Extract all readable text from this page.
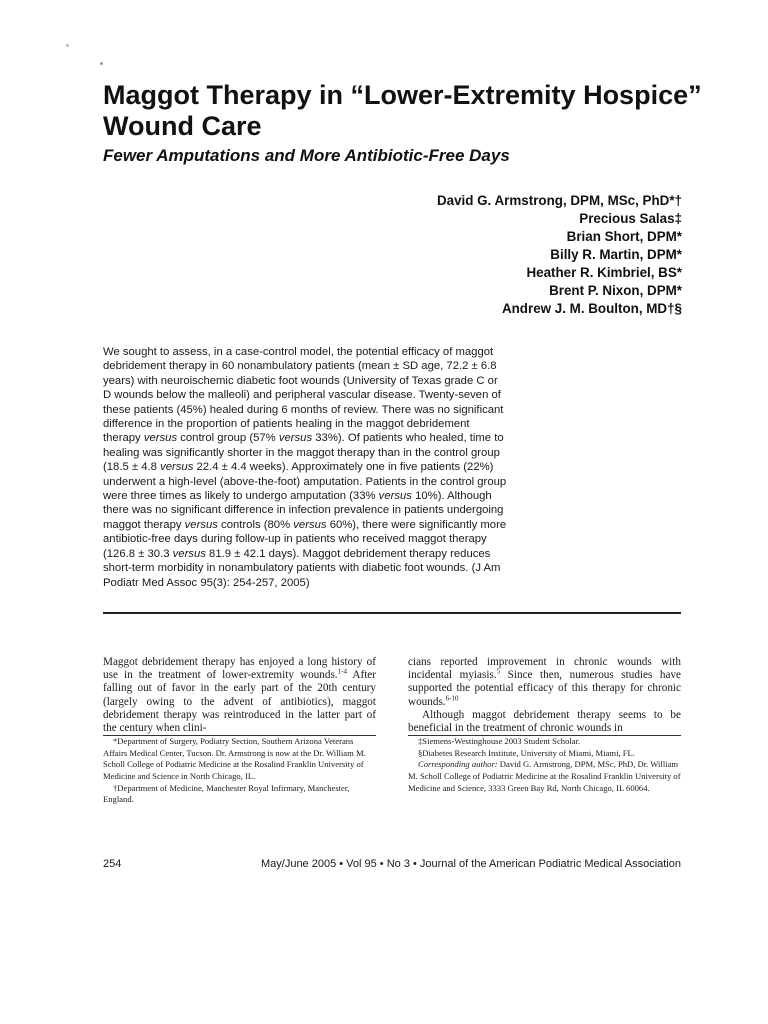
Maggot Therapy in “Lower-Extremity Hospice” Wound Care
Fewer Amputations and More Antibiotic-Free Days
David G. Armstrong, DPM, MSc, PhD*†
Precious Salas‡
Brian Short, DPM*
Billy R. Martin, DPM*
Heather R. Kimbriel, BS*
Brent P. Nixon, DPM*
Andrew J. M. Boulton, MD†§

We sought to assess, in a case-control model, the potential efficacy of maggot debridement therapy in 60 nonambulatory patients (mean ± SD age, 72.2 ± 6.8 years) with neuroischemic diabetic foot wounds (University of Texas grade C or D wounds below the malleoli) and peripheral vascular disease. Twenty-seven of these patients (45%) healed during 6 months of review. There was no significant difference in the proportion of patients healing in the maggot debridement therapy versus control group (57% versus 33%). Of patients who healed, time to healing was significantly shorter in the maggot therapy than in the control group (18.5 ± 4.8 versus 22.4 ± 4.4 weeks). Approximately one in five patients (22%) underwent a high-level (above-the-foot) amputation. Patients in the control group were three times as likely to undergo amputation (33% versus 10%). Although there was no significant difference in infection prevalence in patients undergoing maggot therapy versus controls (80% versus 60%), there were significantly more antibiotic-free days during follow-up in patients who received maggot therapy (126.8 ± 30.3 versus 81.9 ± 42.1 days). Maggot debridement therapy reduces short-term morbidity in nonambulatory patients with diabetic foot wounds. (J Am Podiatr Med Assoc 95(3): 254-257, 2005)

Maggot debridement therapy has enjoyed a long history of use in the treatment of lower-extremity wounds.$^{1-4}$ After falling out of favor in the early part of the 20th century (largely owing to the advent of antibiotics), maggot debridement therapy was reintroduced in the latter part of the century when clini-

*Department of Surgery, Podiatry Section, Southern Arizona Veterans Affairs Medical Center, Tucson. Dr. Armstrong is now at the Dr. William M. Scholl College of Podiatric Medicine at the Rosalind Franklin University of Medicine and Science in North Chicago, IL.

†Department of Medicine, Manchester Royal Infirmary, Manchester, England.

cians reported improvement in chronic wounds with incidental myiasis.$^5$ Since then, numerous studies have supported the potential efficacy of this therapy for chronic wounds.$^{6-10}$

Although maggot debridement therapy seems to be beneficial in the treatment of chronic wounds in

‡Siemens-Westinghouse 2003 Student Scholar.

§Diabetes Research Institute, University of Miami, Miami, FL.

Corresponding author: David G. Armstrong, DPM, MSc, PhD, Dr. William M. Scholl College of Podiatric Medicine at the Rosalind Franklin University of Medicine and Science, 3333 Green Bay Rd, North Chicago, IL 60064.

254	May/June 2005 • Vol 95 • No 3 • Journal of the American Podiatric Medical Association
